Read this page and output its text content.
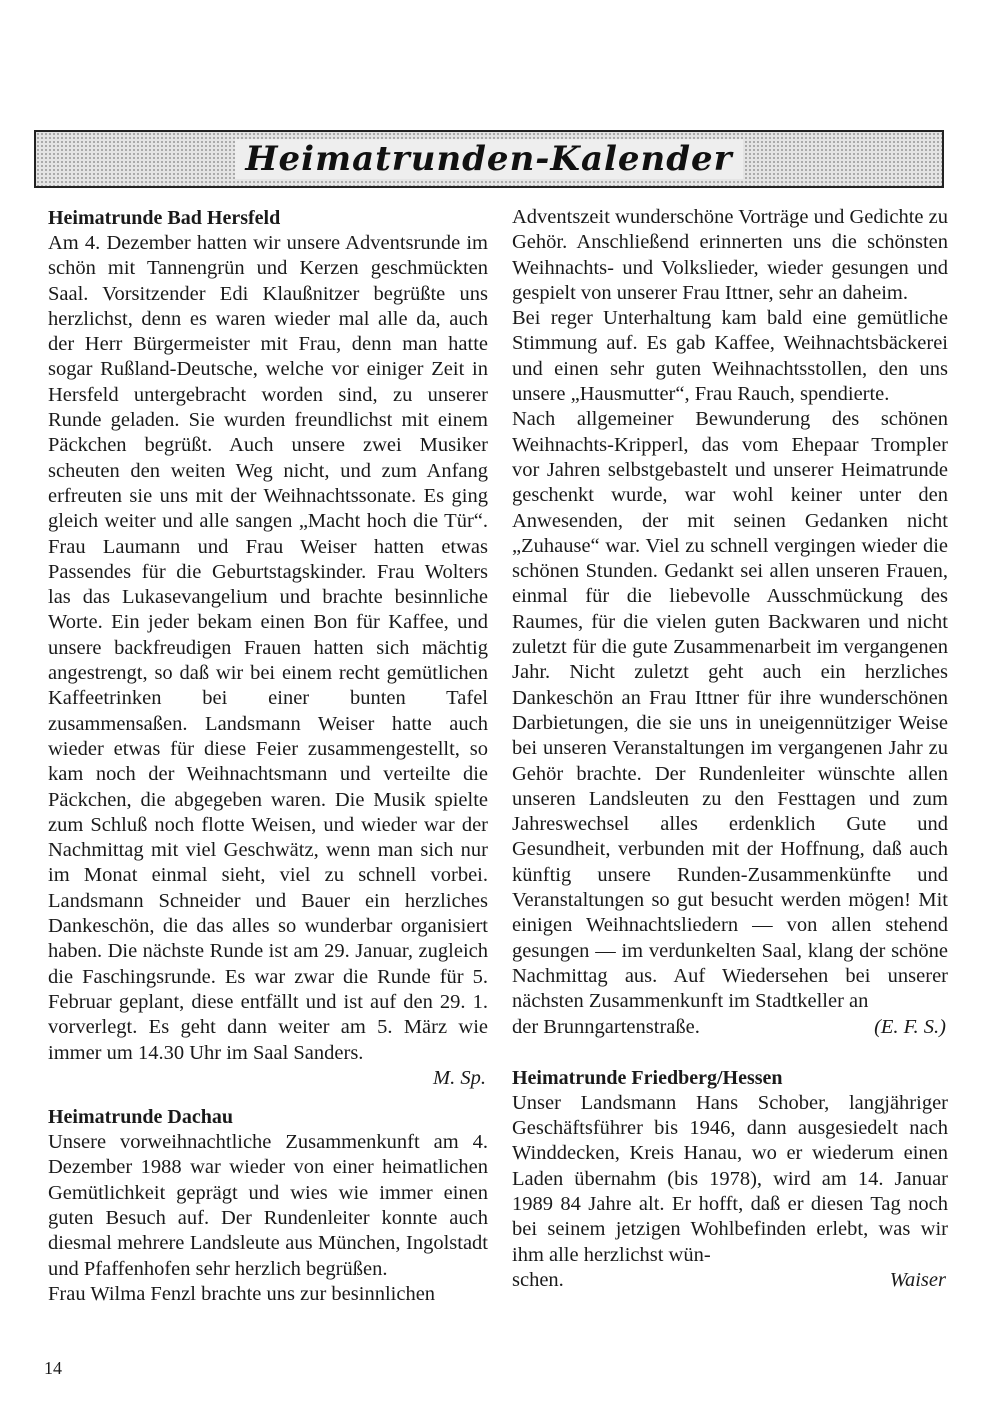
Heimatrunden-Kalender
Heimatrunde Bad Hersfeld

Am 4. Dezember hatten wir unsere Adventsrunde im schön mit Tannengrün und Kerzen geschmückten Saal. Vorsitzender Edi Klaußnitzer begrüßte uns herzlichst, denn es waren wieder mal alle da, auch der Herr Bürgermeister mit Frau, denn man hatte sogar Rußland-Deutsche, welche vor einiger Zeit in Hersfeld untergebracht worden sind, zu unserer Runde geladen. Sie wurden freundlichst mit einem Päckchen begrüßt. Auch unsere zwei Musiker scheuten den weiten Weg nicht, und zum Anfang erfreuten sie uns mit der Weihnachtssonate. Es ging gleich weiter und alle sangen „Macht hoch die Tür“. Frau Laumann und Frau Weiser hatten etwas Passendes für die Geburtstagskinder. Frau Wolters las das Lukasevangelium und brachte besinnliche Worte. Ein jeder bekam einen Bon für Kaffee, und unsere backfreudigen Frauen hatten sich mächtig angestrengt, so daß wir bei einem recht gemütlichen Kaffeetrinken bei einer bunten Tafel zusammensaßen. Landsmann Weiser hatte auch wieder etwas für diese Feier zusammengestellt, so kam noch der Weihnachtsmann und verteilte die Päckchen, die abgegeben waren. Die Musik spielte zum Schluß noch flotte Weisen, und wieder war der Nachmittag mit viel Geschwätz, wenn man sich nur im Monat einmal sieht, viel zu schnell vorbei. Landsmann Schneider und Bauer ein herzliches Dankeschön, die das alles so wunderbar organisiert haben. Die nächste Runde ist am 29. Januar, zugleich die Faschingsrunde. Es war zwar die Runde für 5. Februar geplant, diese entfällt und ist auf den 29. 1. vorverlegt. Es geht dann weiter am 5. März wie immer um 14.30 Uhr im Saal Sanders.

M. Sp.
Heimatrunde Dachau

Unsere vorweihnachtliche Zusammenkunft am 4. Dezember 1988 war wieder von einer heimatlichen Gemütlichkeit geprägt und wies wie immer einen guten Besuch auf. Der Rundenleiter konnte auch diesmal mehrere Landsleute aus München, Ingolstadt und Pfaffenhofen sehr herzlich begrüßen.

Frau Wilma Fenzl brachte uns zur besinnlichen

Adventszeit wunderschöne Vorträge und Gedichte zu Gehör. Anschließend erinnerten uns die schönsten Weihnachts- und Volkslieder, wieder gesungen und gespielt von unserer Frau Ittner, sehr an daheim.

Bei reger Unterhaltung kam bald eine gemütliche Stimmung auf. Es gab Kaffee, Weihnachtsbäckerei und einen sehr guten Weihnachtsstollen, den uns unsere „Hausmutter“, Frau Rauch, spendierte.

Nach allgemeiner Bewunderung des schönen Weihnachts-Kripperl, das vom Ehepaar Trompler vor Jahren selbstgebastelt und unserer Heimatrunde geschenkt wurde, war wohl keiner unter den Anwesenden, der mit seinen Gedanken nicht „Zuhause“ war. Viel zu schnell vergingen wieder die schönen Stunden. Gedankt sei allen unseren Frauen, einmal für die liebevolle Ausschmückung des Raumes, für die vielen guten Backwaren und nicht zuletzt für die gute Zusammenarbeit im vergangenen Jahr. Nicht zuletzt geht auch ein herzliches Dankeschön an Frau Ittner für ihre wunderschönen Darbietungen, die sie uns in uneigennütziger Weise bei unseren Veranstaltungen im vergangenen Jahr zu Gehör brachte. Der Rundenleiter wünschte allen unseren Landsleuten zu den Festtagen und zum Jahreswechsel alles erdenklich Gute und Gesundheit, verbunden mit der Hoffnung, daß auch künftig unsere Runden-Zusammenkünfte und Veranstaltungen so gut besucht werden mögen! Mit einigen Weihnachtsliedern — von allen stehend gesungen — im verdunkelten Saal, klang der schöne Nachmittag aus. Auf Wiedersehen bei unserer nächsten Zusammenkunft im Stadtkeller an

der Brunngartenstraße.	(E. F. S.)
Heimatrunde Friedberg/Hessen

Unser Landsmann Hans Schober, langjähriger Geschäftsführer bis 1946, dann ausgesiedelt nach Winddecken, Kreis Hanau, wo er wiederum einen Laden übernahm (bis 1978), wird am 14. Januar 1989 84 Jahre alt. Er hofft, daß er diesen Tag noch bei seinem jetzigen Wohlbefinden erlebt, was wir ihm alle herzlichst wün-

schen.	Waiser
14
